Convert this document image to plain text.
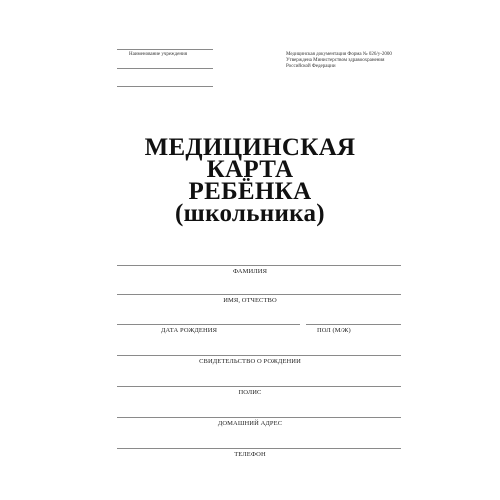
Наименование учреждения	Медицинская документация Форма № 026/у-2000
Утверждена Министерством здравоохранения
Российской Федерации
МЕДИЦИНСКАЯ
КАРТА
РЕБЁНКА
(школьника)
ФАМИЛИЯ
ИМЯ, ОТЧЕСТВО
ДАТА РОЖДЕНИЯ	ПОЛ (М/Ж)
СВИДЕТЕЛЬСТВО О РОЖДЕНИИ
ПОЛИС
ДОМАШНИЙ АДРЕС
ТЕЛЕФОН
